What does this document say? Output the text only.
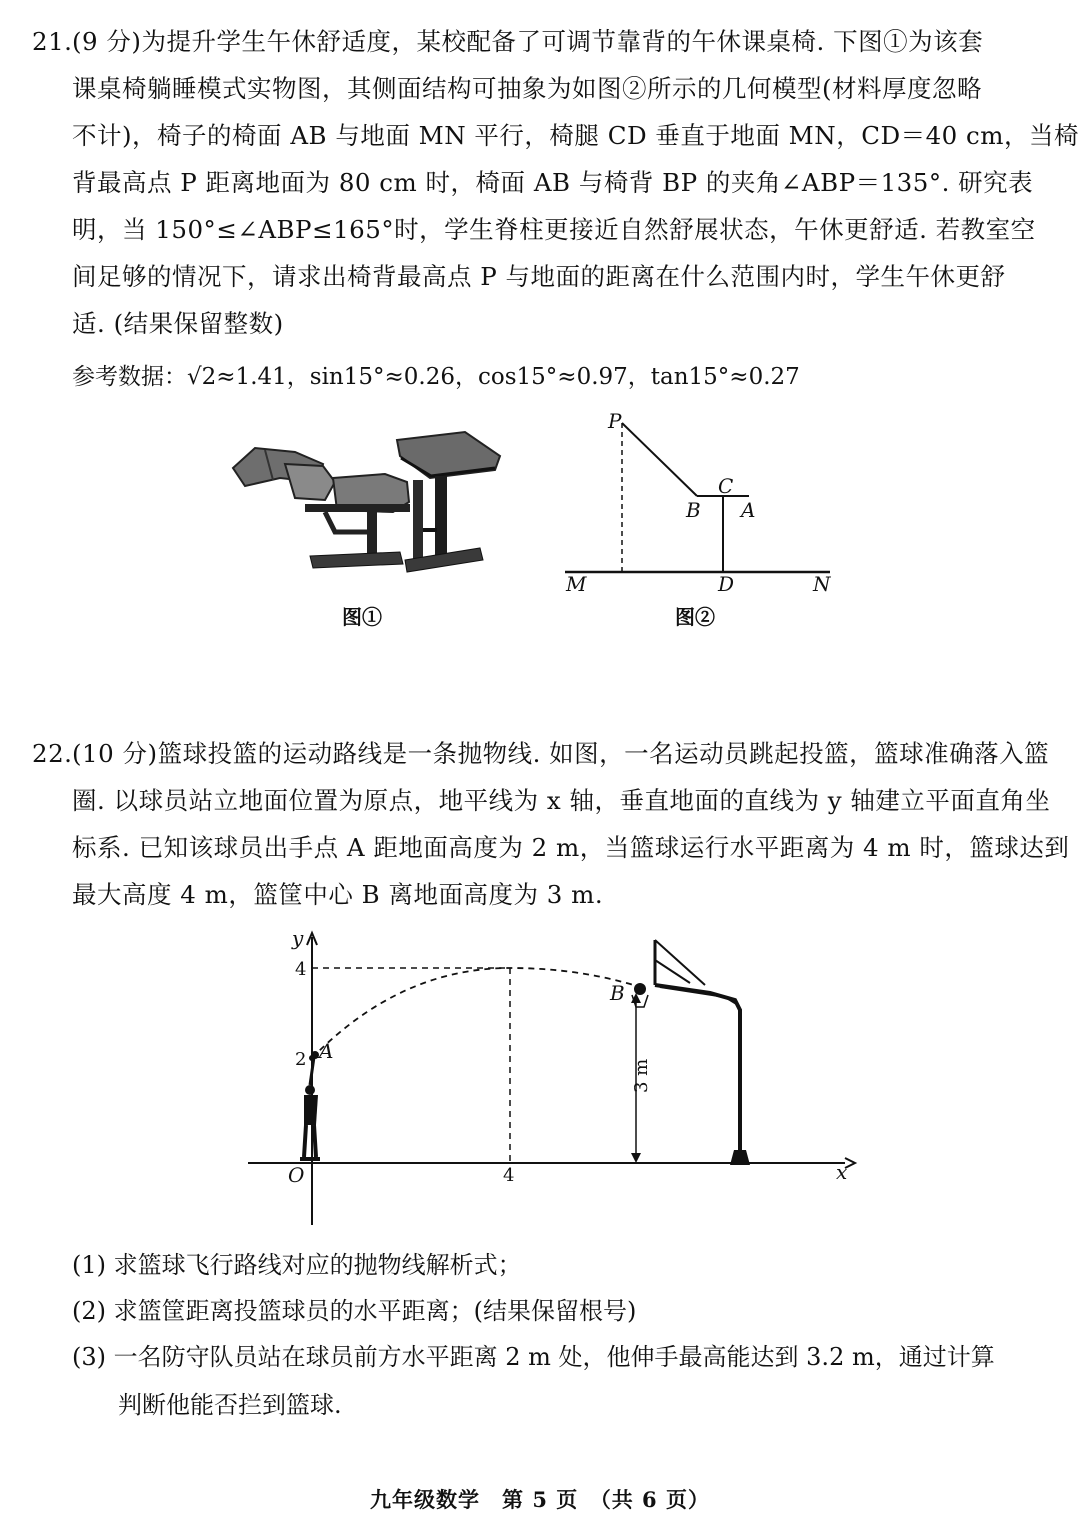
21.(9 分)为提升学生午休舒适度，某校配备了可调节靠背的午休课桌椅. 下图①为该套
课桌椅躺睡模式实物图，其侧面结构可抽象为如图②所示的几何模型(材料厚度忽略
不计)，椅子的椅面 AB 与地面 MN 平行，椅腿 CD 垂直于地面 MN，CD＝40 cm，当椅
背最高点 P 距离地面为 80 cm 时，椅面 AB 与椅背 BP 的夹角∠ABP＝135°. 研究表
明，当 150°≤∠ABP≤165°时，学生脊柱更接近自然舒展状态，午休更舒适. 若教室空
间足够的情况下，请求出椅背最高点 P 与地面的距离在什么范围内时，学生午休更舒
适. (结果保留整数)
参考数据：√2≈1.41，sin15°≈0.26，cos15°≈0.97，tan15°≈0.27
图①
P
C
B A
M	D	N
图②
22.(10 分)篮球投篮的运动路线是一条抛物线. 如图，一名运动员跳起投篮，篮球准确落入篮
圈. 以球员站立地面位置为原点，地平线为 x 轴，垂直地面的直线为 y 轴建立平面直角坐
标系. 已知该球员出手点 A 距地面高度为 2 m，当篮球运行水平距离为 4 m 时，篮球达到
最大高度 4 m，篮筐中心 B 离地面高度为 3 m.
3 m
y
x
O
4
2 A
B
4
(1) 求篮球飞行路线对应的抛物线解析式；
(2) 求篮筐距离投篮球员的水平距离；(结果保留根号)
(3) 一名防守队员站在球员前方水平距离 2 m 处，他伸手最高能达到 3.2 m，通过计算
判断他能否拦到篮球.
九年级数学　第 5 页　（共 6 页）
